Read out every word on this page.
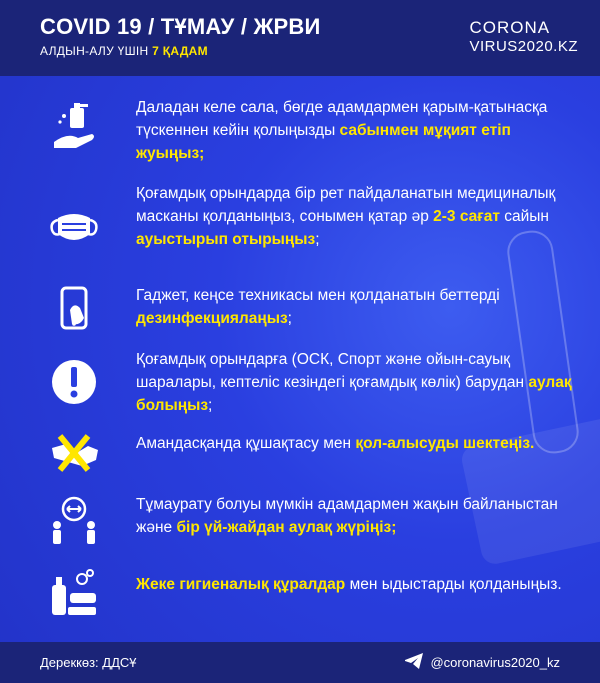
COVID 19 / ТҰМАУ / ЖРВИ
АЛДЫН-АЛУ ҮШІН 7 ҚАДАМ
CORONA
VIRUS2020.KZ
Даладан келе сала, бөгде адамдармен қарым-қатынасқа түскеннен кейін қолыңызды сабынмен мұқият етіп жуыңыз;
Қоғамдық орындарда бір рет пайдаланатын медициналық масканы қолданыңыз, сонымен қатар әр 2-3 сағат сайын ауыстырып отырыңыз;
Гаджет, кеңсе техникасы мен қолданатын беттерді дезинфекциялаңыз;
Қоғамдық орындарға (ОСК, Спорт және ойын-сауық шаралары, кептеліс кезіндегі қоғамдық көлік) барудан аулақ болыңыз;
Амандасқанда құшақтасу мен қол-алысуды шектеңіз.
Тұмаурату болуы мүмкін адамдармен жақын байланыстан және бір үй-жайдан аулақ жүріңіз;
Жеке гигиеналық құралдар мен ыдыстарды қолданыңыз.
Дереккөз: ДДСҰ	@coronavirus2020_kz
